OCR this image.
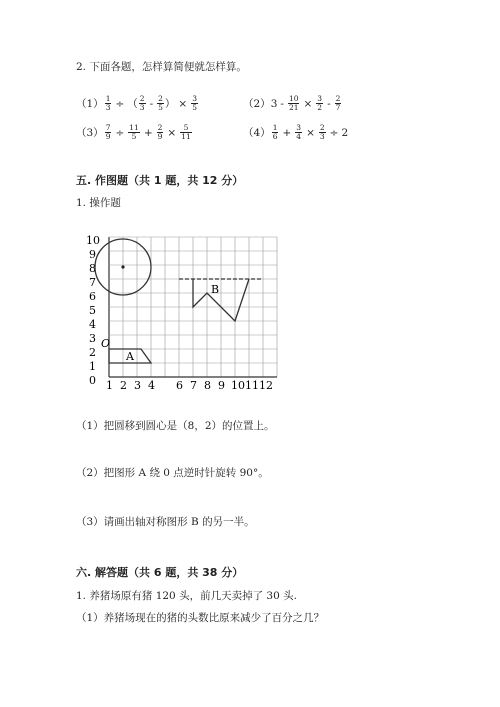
2. 下面各题，怎样算简便就怎样算。
$(1) \frac{1}{3}$ ÷ （ $\frac{2}{3} - \frac{2}{5}$ ） × $\frac{3}{5}$	（2） $3 - \frac{10}{21} \times \frac{3}{2} - \frac{2}{7}$
$(3) \frac{7}{9} \div \frac{11}{5} + \frac{2}{9} \times \frac{5}{11}$	$(4) \frac{1}{6} + \frac{3}{4} \times \frac{2}{3} \div 2$
五. 作图题（共 1 题，共 12 分）
1. 操作题
10
9
8
7
6
5
4
3
2
1
0 1 2 3 4 6 7 8 9 10 11 12
A
O
B
（1）把圆移到圆心是（8，2）的位置上。
（2）把图形 A 绕 0 点逆时针旋转 90°。
（3）请画出轴对称图形 B 的另一半。
六. 解答题（共 6 题，共 38 分）
1. 养猪场原有猪 120 头，前几天卖掉了 30 头.
（1）养猪场现在的猪的头数比原来减少了百分之几？
